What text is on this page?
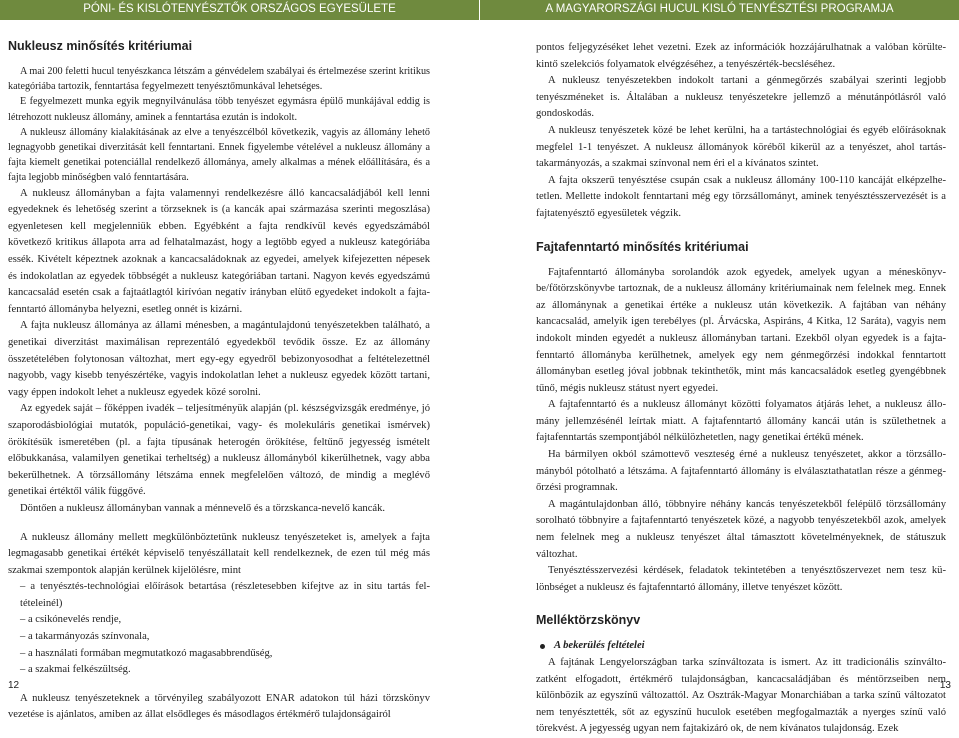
PÓNI- ÉS KISLÓTENYÉSZTŐK ORSZÁGOS EGYESÜLETE	A MAGYARORSZÁGI HUCUL KISLÓ TENYÉSZTÉSI PROGRAMJA
Nukleusz minősítés kritériumai

A mai 200 feletti hucul tenyészkanca létszám a génvédelem szabályai és értelmezése szerint kritikus kategóriába tartozik, fenntartása fegyelmezett tenyésztőmunkával lehetséges.

E fegyelmezett munka egyik megnyilvánulása több tenyészet egymásra épülő munkájával eddig is létrehozott nukleusz állomány, aminek a fenntartása ezután is indokolt.

A nukleusz állomány kialakításának az elve a tenyészcélból következik, vagyis az állomány lehető legnagyobb genetikai diverzitását kell fenntartani. Ennek figyelembe vételével a nukleusz állomány a fajta kiemelt genetikai potenciállal rendelkező állománya, amely alkalmas a mének előállítására, és a fajta legjobb minőségben való fenntartására.

A nukleusz állományban a fajta valamennyi rendelkezésre álló kancacsaládjából kell lenni egyedeknek és lehetőség szerint a törzseknek is (a kancák apai származása szerinti megoszlása) egyenletesen kell megjelenniük ebben. Egyébként a fajta rendkívül kevés egyedszámából következő kritikus állapota arra ad felhatalmazást, hogy a legtöbb egyed a nukleusz kategóriába essék. Kivételt képeztnek azoknak a kancacsaládoknak az egyedei, amelyek kifejezetten népesek és indokolatlan az egyedek többségét a nukleusz kategóriában tartani. Nagyon kevés egyedszámú kancacsalád esetén csak a fajtaátlagtól kirívóan negatív irányban elütő egyedeket indokolt a fajta-fenntartó állományba helyezni, esetleg onnét is kizárni.

A fajta nukleusz állománya az állami ménesben, a magántulajdonú tenyészetekben található, a genetikai diverzitást maximálisan reprezentáló egyedekből tevődik össze. Ez az állomány összetételében folytonosan változhat, mert egy-egy egyedről bebizonyosodhat a feltételezettnél nagyobb, vagy kisebb tenyészértéke, vagyis indokolatlan lehet a nukleusz egyedek között tartani, vagy éppen indokolt lehet a nukleusz egyedek közé sorolni.

Az egyedek saját – főképpen ivadék – teljesítményük alapján (pl. készségvizsgák eredménye, jó szaporodásbiológiai mutatók, populáció-genetikai, vagy- és molekuláris genetikai ismérvek) örökítésük ismeretében (pl. a fajta típusának heterogén örökítése, feltűnő jegyesség ismételt előbukkanása, valamilyen genetikai terheltség) a nukleusz állományból kikerülhetnek, vagy abba bekerülhetnek. A törzsállomány létszáma ennek megfelelően változó, de mindig a meglévő genetikai értéktől válik függővé.

Döntően a nukleusz állományban vannak a ménnevelő és a törzskanca-nevelő kancák.

A nukleusz állomány mellett megkülönböztetünk nukleusz tenyészeteket is, amelyek a fajta legmagasabb genetikai értékét képviselő tenyészállatait kell rendelkeznek, de ezen túl még más szakmai szempontok alapján kerülnek kijelölésre, mint

– a tenyésztés-technológiai előírások betartása (részletesebben kifejtve az in situ tartás feltételeinél)
– a csikónevelés rendje,
– a takarmányozás színvonala,
– a használati formában megmutatkozó magasabbrendűség,
– a szakmai felkészültség.

A nukleusz tenyészeteknek a törvényileg szabályozott ENAR adatokon túl házi törzskönyv vezetése is ajánlatos, amiben az állat elsődleges és másodlagos értékmérő tulajdonságairól

pontos feljegyzéséket lehet vezetni. Ezek az információk hozzájárulhatnak a valóban körültekintő szelekciós folyamatok elvégzéséhez, a tenyészérték-becsléséhez.

A nukleusz tenyészetekben indokolt tartani a génmegőrzés szabályai szerinti legjobb tenyészméneket is. Általában a nukleusz tenyészetekre jellemző a ménutánpótlásról való gondoskodás.

A nukleusz tenyészetek közé be lehet kerülni, ha a tartástechnológiai és egyéb előírásoknak megfelel 1-1 tenyészet. A nukleusz állományok köréből kikerül az a tenyészet, ahol tartástakarmányozás, a szakmai színvonal nem éri el a kívánatos szintet.

A fajta okszerű tenyésztése csupán csak a nukleusz állomány 100-110 kancáját elképzelhetetlen. Mellette indokolt fenntartani még egy törzsállományt, aminek tenyésztésszervezését is a fajtatenyésztő egyesületek végzik.

Fajtafenntartó minősítés kritériumai

Fajtafenntartó állományba sorolandók azok egyedek, amelyek ugyan a méneskönyvbe/főtörzskönyvbe tartoznak, de a nukleusz állomány kritériumainak nem felelnek meg. Ennek az állománynak a genetikai értéke a nukleusz után következik. A fajtában van néhány kancacsalád, amelyik igen terebélyes (pl. Árvácska, Aspiráns, 4 Kitka, 12 Saráta), vagyis nem indokolt minden egyedét a nukleusz állományban tartani. Ezekből olyan egyedek is a fajta-fenntartó állományba kerülhetnek, amelyek egy nem génmegőrzési indokkal fenntartott állományban esetleg jóval jobbnak tekinthetők, mint más kancacsaládok esetleg gyengébbnek tűnő, mégis nukleusz státust nyert egyedei.

A fajtafenntartó és a nukleusz állományt közötti folyamatos átjárás lehet, a nukleusz állomány jellemzésénél leírtak miatt. A fajtafenntartó állomány kancái után is születhetnek a fajtafenntartás szempontjából nélkülözhetetlen, nagy genetikai értékű mének.

Ha bármilyen okból számottevő veszteség érné a nukleusz tenyészetet, akkor a törzsállományból pótolható a létszáma. A fajtafenntartó állomány is elválasztathatatlan része a génmegőrzési programnak.

A magántulajdonban álló, többnyire néhány kancás tenyészetekből felépülő törzsállomány sorolható többnyire a fajtafenntartó tenyészetek közé, a nagyobb tenyészetekből azok, amelyek nem felelnek meg a nukleusz tenyészet által támasztott követelményeknek, de státuszuk változhat.

Tenyésztésszervezési kérdések, feladatok tekintetében a tenyésztőszervezet nem tesz különbséget a nukleusz és fajtafenntartó állomány, illetve tenyészet között.

Melléktörzskönyv
A bekerülés feltételei

A fajtának Lengyelországban tarka színváltozata is ismert. Az itt tradicionális színváltozatként elfogadott, értékmérő tulajdonságban, kancacsaládjában és méntörzseiben nem különbözik az egyszínű változattól. Az Osztrák-Magyar Monarchiában a tarka színű változatot nem tenyésztették, sőt az egyszínű huculok esetében megfogalmazták a nyerges színű való törekvést. A jegyesség ugyan nem fajtakizáró ok, de nem kívánatos tulajdonság. Ezek

12	13
